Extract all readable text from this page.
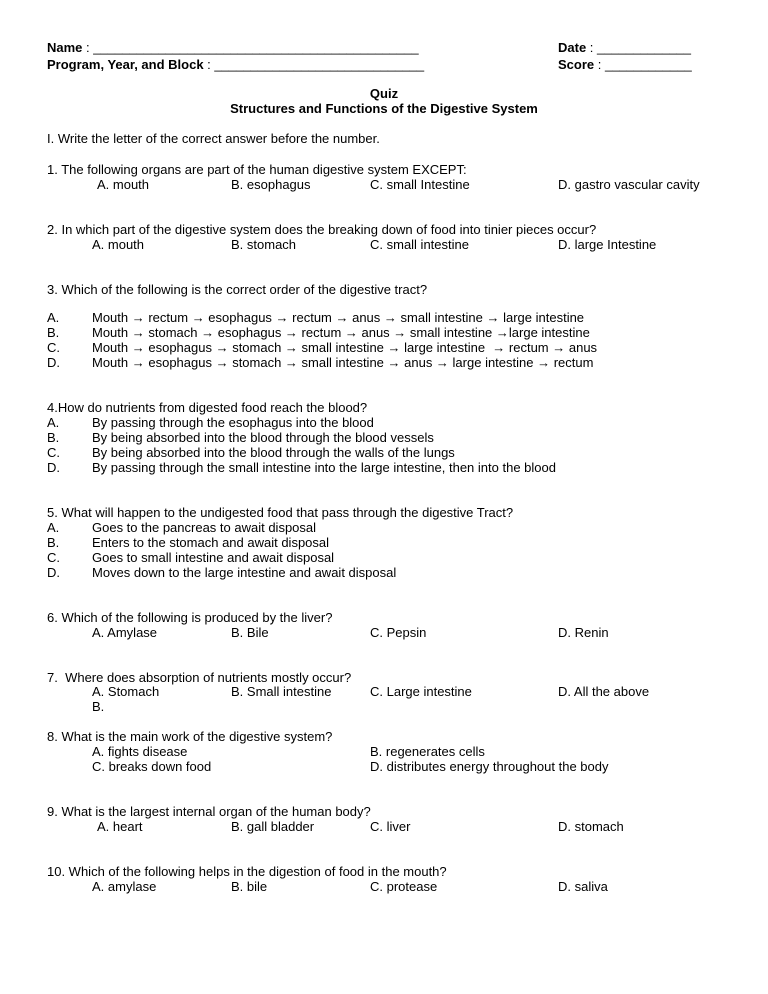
Name : _____________________________________________
Program, Year, and Block : _____________________________
Date : _____________
Score : ____________
Quiz
Structures and Functions of the Digestive System
I. Write the letter of the correct answer before the number.
1. The following organs are part of the human digestive system EXCEPT:
A. mouth	B. esophagus	C. small Intestine	D. gastro vascular cavity
2. In which part of the digestive system does the breaking down of food into tinier pieces occur?
A. mouth	B. stomach	C. small intestine	D. large Intestine
3. Which of the following is the correct order of the digestive tract?
A.	Mouth → rectum → esophagus → rectum → anus → small intestine → large intestine
B.	Mouth → stomach → esophagus → rectum → anus → small intestine →large intestine
C. Mouth → esophagus → stomach → small intestine → large intestine  → rectum → anus
D. Mouth → esophagus → stomach → small intestine → anus → large intestine → rectum
4.How do nutrients from digested food reach the blood?
A.	By passing through the esophagus into the blood
B.	By being absorbed into the blood through the blood vessels
C. By being absorbed into the blood through the walls of the lungs
D. By passing through the small intestine into the large intestine, then into the blood
5. What will happen to the undigested food that pass through the digestive Tract?
A.	Goes to the pancreas to await disposal
B.	Enters to the stomach and await disposal
C. Goes to small intestine and await disposal
D. Moves down to the large intestine and await disposal
6. Which of the following is produced by the liver?
A. Amylase	B. Bile	C. Pepsin	D. Renin
7.  Where does absorption of nutrients mostly occur?
A. Stomach	B. Small intestine	C. Large intestine	D. All the above
B.
8. What is the main work of the digestive system?
A. fights disease	B. regenerates cells
C. breaks down food	D. distributes energy throughout the body
9. What is the largest internal organ of the human body?
A. heart	B. gall bladder	C. liver	D. stomach
10. Which of the following helps in the digestion of food in the mouth?
A. amylase	B. bile	C. protease	D. saliva
